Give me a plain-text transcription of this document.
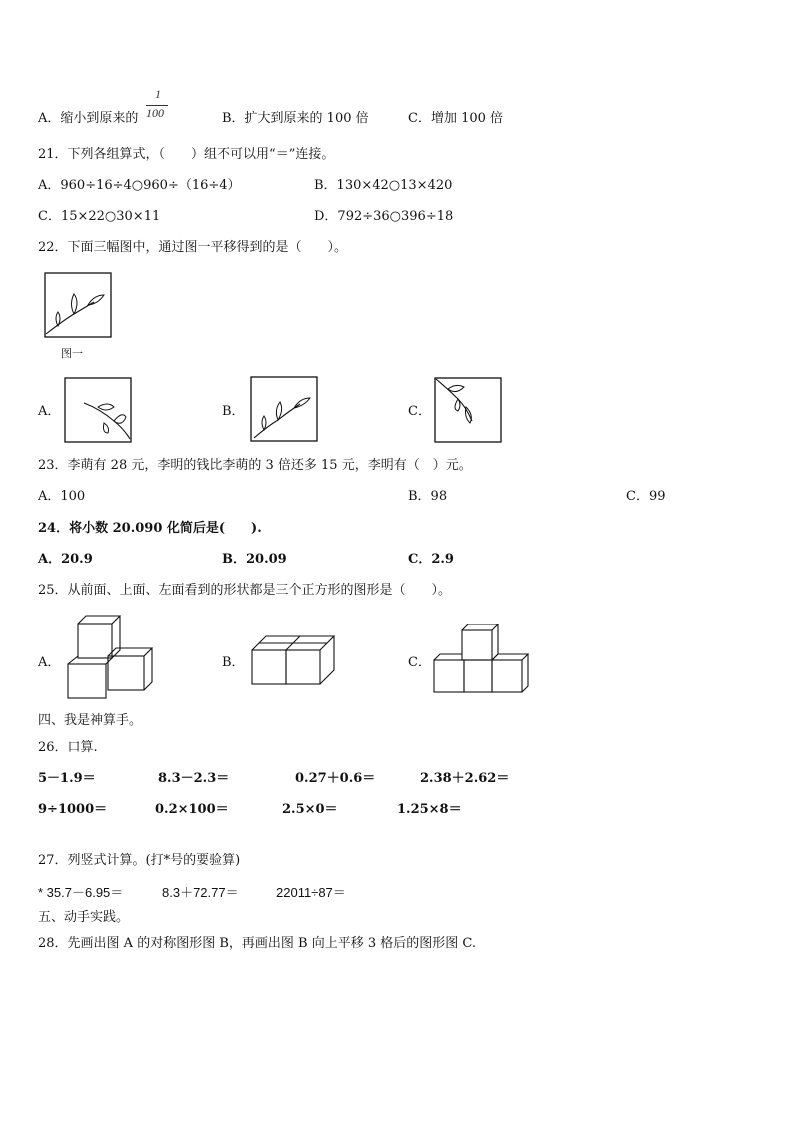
1
100
A．缩小到原来的	B．扩大到原来的 100 倍	C．增加 100 倍
21．下列各组算式，（　　）组不可以用“＝”连接。
A．960÷16÷4○960÷（16÷4）	B．130×42○13×420
C．15×22○30×11	D．792÷36○396÷18
22．下面三幅图中，通过图一平移得到的是（　　）。
图一
A．	B．	C．
23．李萌有 28 元，李明的钱比李萌的 3 倍还多 15 元，李明有（　）元。
A．100	B．98	C．99
24．将小数 20.090 化简后是(　　).
A．20.9	B．20.09	C．2.9
25．从前面、上面、左面看到的形状都是三个正方形的图形是（　　）。
A．	B．	C．
四、我是神算手。
26．口算.
5－1.9＝	8.3－2.3＝	0.27＋0.6＝	2.38＋2.62＝
9÷1000＝	0.2×100＝	2.5×0＝	1.25×8＝
27．列竖式计算。(打*号的要验算)
* 35.7－6.95＝	8.3＋72.77＝	22011÷87＝
五、动手实践。
28．先画出图 A 的对称图形图 B，再画出图 B 向上平移 3 格后的图形图 C.
